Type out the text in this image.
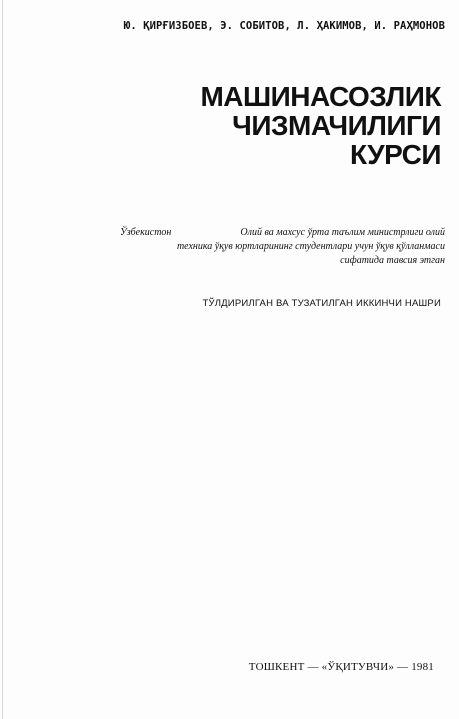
Ю. ҚИРҒИЗБОЕВ, Э. СОБИТОВ, Л. ҲАКИМОВ, И. РАҲМОНОВ
МАШИНАСОЗЛИК
ЧИЗМАЧИЛИГИ
КУРСИ
Ўзбекистон	Олий ва махсус ўрта таълим министрлиги олий
техника ўқув юртларининг студентлари учун ўқув қўлланмаси
сифатида тавсия этган
ТЎЛДИРИЛГАН ВА ТУЗАТИЛГАН ИККИНЧИ НАШРИ
ТОШКЕНТ — «ЎҚИТУВЧИ» — 1981
